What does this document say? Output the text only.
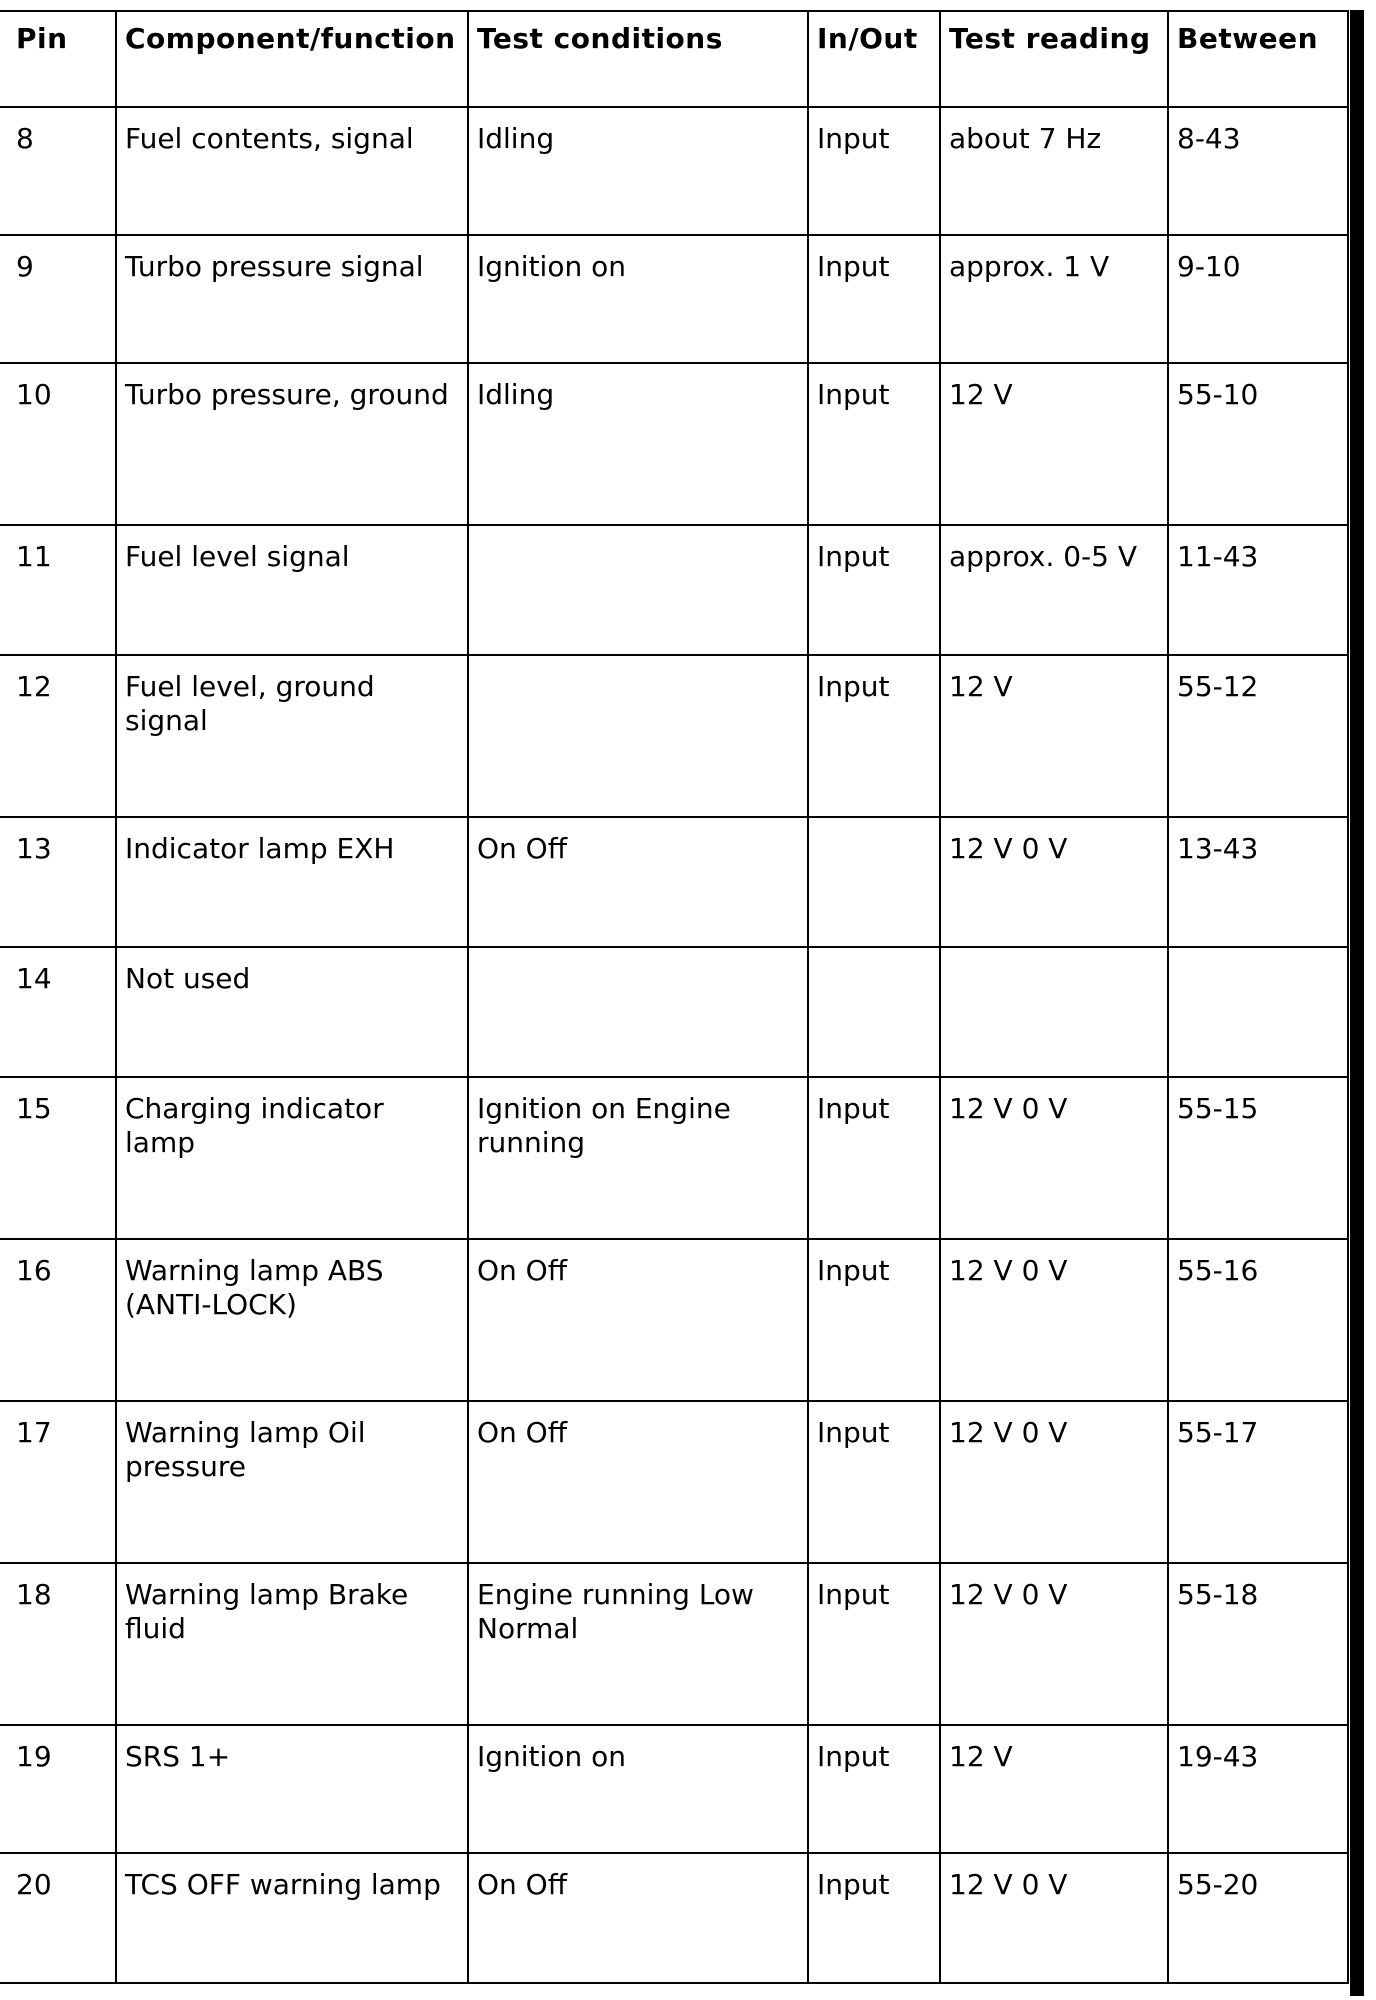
Pin	Component/function	Test conditions	In/Out	Test reading	Between
8	Fuel contents, signal	Idling	Input	about 7 Hz	8-43
9	Turbo pressure signal	Ignition on	Input	approx. 1 V	9-10
10	Turbo pressure, ground	Idling	Input	12 V	55-10
11	Fuel level signal		Input	approx. 0-5 V	11-43
12	Fuel level, ground signal		Input	12 V	55-12
13	Indicator lamp EXH	On Off		12 V 0 V	13-43
14	Not used				
15	Charging indicator lamp	Ignition on Engine running	Input	12 V 0 V	55-15
16	Warning lamp ABS (ANTI-LOCK)	On Off	Input	12 V 0 V	55-16
17	Warning lamp Oil pressure	On Off	Input	12 V 0 V	55-17
18	Warning lamp Brake fluid	Engine running Low Normal	Input	12 V 0 V	55-18
19	SRS 1+	Ignition on	Input	12 V	19-43
20	TCS OFF warning lamp	On Off	Input	12 V 0 V	55-20
